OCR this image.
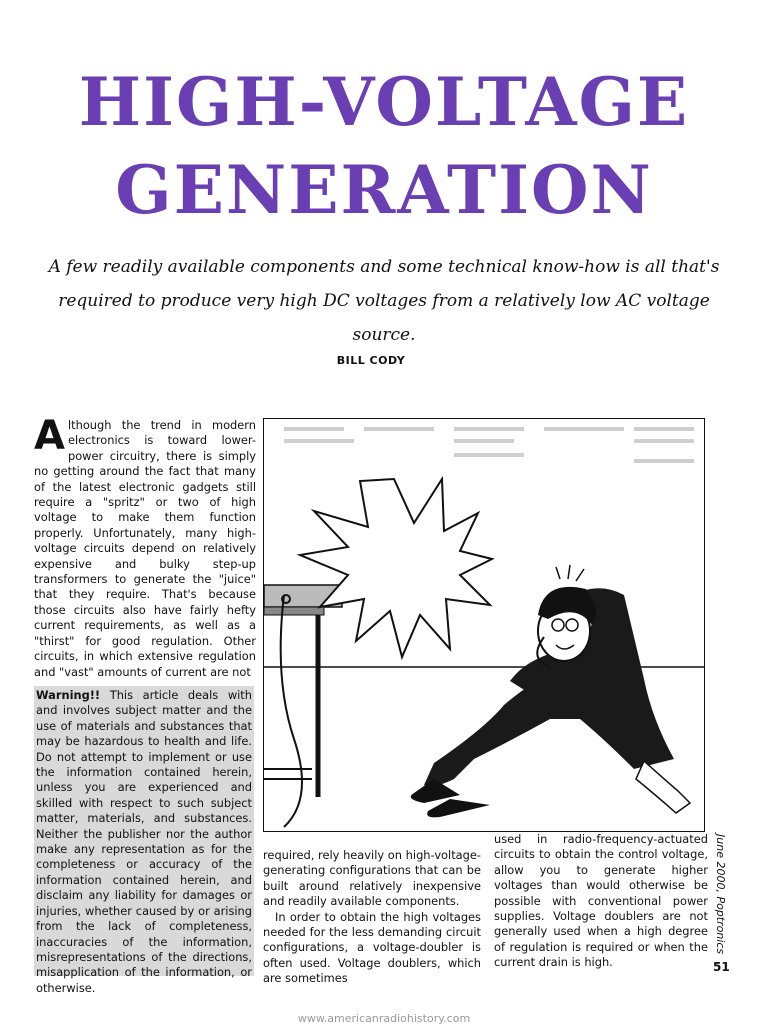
HIGH-VOLTAGE
GENERATION

A few readily available components and some technical know-how is all that's required to produce very high DC voltages from a relatively low AC voltage source.

BILL CODY

Although the trend in modern electronics is toward lower-power circuitry, there is simply no getting around the fact that many of the latest electronic gadgets still require a "spritz" or two of high voltage to make them function properly. Unfortunately, many high-voltage circuits depend on relatively expensive and bulky step-up transformers to generate the "juice" that they require. That's because those circuits also have fairly hefty current requirements, as well as a "thirst" for good regulation. Other circuits, in which extensive regulation and "vast" amounts of current are not

Warning!! This article deals with and involves subject matter and the use of materials and substances that may be hazardous to health and life. Do not attempt to implement or use the information contained herein, unless you are experienced and skilled with respect to such subject matter, materials, and substances. Neither the publisher nor the author make any representation as for the completeness or accuracy of the information contained herein, and disclaim any liability for damages or injuries, whether caused by or arising from the lack of completeness, inaccuracies of the information, misrepresentations of the directions, misapplication of the information, or otherwise.

required, rely heavily on high-voltage-generating configurations that can be built around relatively inexpensive and readily available components.
In order to obtain the high voltages needed for the less demanding circuit configurations, a voltage-doubler is often used. Voltage doublers, which are sometimes

used in radio-frequency-actuated circuits to obtain the control voltage, allow you to generate higher voltages than would otherwise be possible with conventional power supplies. Voltage doublers are not generally used when a high degree of regulation is required or when the current drain is high.

June 2000, Poptronics
51
www.americanradiohistory.com
